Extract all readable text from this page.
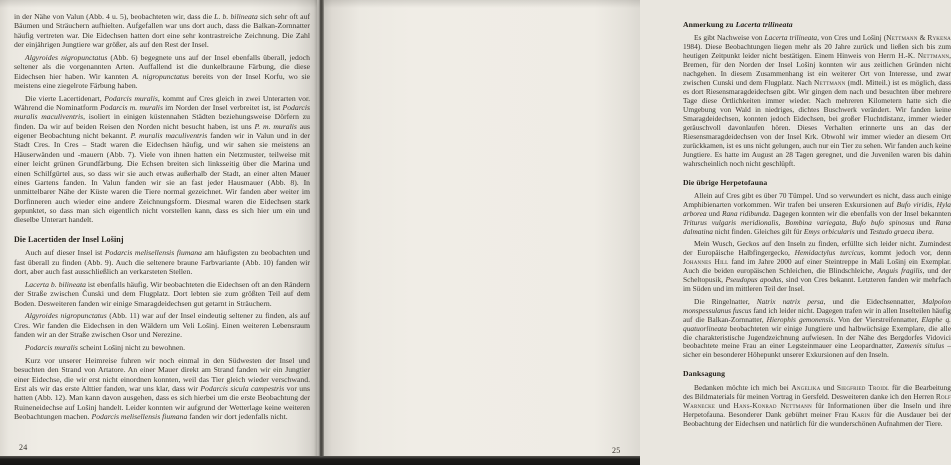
in der Nähe von Valun (Abb. 4 u. 5), beobachteten wir, dass die L. b. bilineata sich sehr oft auf Bäumen und Sträuchern aufhielten. Aufgefallen war uns dort auch, dass die Balkan-Zornnatter häufig vertreten war. Die Eidechsen hatten dort eine sehr kontrastreiche Zeichnung. Die Zahl der einjährigen Jungtiere war größer, als auf den Rest der Insel.

Algyroides nigropunctatus (Abb. 6) begegnete uns auf der Insel ebenfalls überall, jedoch seltener als die vorgenannten Arten. Auffallend ist die dunkelbraune Färbung, die diese Eidechsen hier haben. Wir kannten A. nigropunctatus bereits von der Insel Korfu, wo sie meistens eine ziegelrote Färbung haben.

Die vierte Lacertidenart, Podarcis muralis, kommt auf Cres gleich in zwei Unterarten vor. Während die Nominatform Podarcis m. muralis im Norden der Insel verbreitet ist, ist Podarcis muralis maculiventris, isoliert in einigen küstennahen Städten beziehungsweise Dörfern zu finden. Da wir auf beiden Reisen den Norden nicht besucht haben, ist uns P. m. muralis aus eigener Beobachtung nicht bekannt. P. muralis maculiventris fanden wir in Valun und in der Stadt Cres. In Cres – Stadt waren die Eidechsen häufig, und wir sahen sie meistens an Häuserwänden und -mauern (Abb. 7). Viele von ihnen hatten ein Netzmuster, teilweise mit einer leicht grünen Grundfärbung. Die Echsen breiten sich linksseitig über die Marina und einen Schilfgürtel aus, so dass wir sie auch etwas außerhalb der Stadt, an einer alten Mauer eines Gartens fanden. In Valun fanden wir sie an fast jeder Hausmauer (Abb. 8). In unmittelbarer Nähe der Küste waren die Tiere normal gezeichnet. Wir fanden aber weiter im Dorfinneren auch wieder eine andere Zeichnungsform. Diesmal waren die Eidechsen stark gepunktet, so dass man sich eigentlich nicht vorstellen kann, dass es sich hier um ein und dieselbe Unterart handelt.

Die Lacertiden der Insel Lošinj

Auch auf dieser Insel ist Podarcis melisellensis fiumana am häufigsten zu beobachten und fast überall zu finden (Abb. 9). Auch die seltenere braune Farbvariante (Abb. 10) fanden wir dort, aber auch fast ausschließlich an verkarsteten Stellen.

Lacerta b. bilineata ist ebenfalls häufig. Wir beobachteten die Eidechsen oft an den Rändern der Straße zwischen Čunski und dem Flugplatz. Dort lebten sie zum größten Teil auf dem Boden. Desweiteren fanden wir einige Smaragdeidechsen gut getarnt in Sträuchern.

Algyroides nigropunctatus (Abb. 11) war auf der Insel eindeutig seltener zu finden, als auf Cres. Wir fanden die Eidechsen in den Wäldern um Veli Lošinj. Einen weiteren Lebensraum fanden wir an der Straße zwischen Osor und Nerezine.

Podarcis muralis scheint Lošinj nicht zu bewohnen.

Kurz vor unserer Heimreise fuhren wir noch einmal in den Südwesten der Insel und besuchten den Strand von Artatore. An einer Mauer direkt am Strand fanden wir ein Jungtier einer Eidechse, die wir erst nicht einordnen konnten, weil das Tier gleich wieder verschwand. Erst als wir das erste Alttier fanden, war uns klar, dass wir Podarcis sicula campestris vor uns hatten (Abb. 12). Man kann davon ausgehen, dass es sich hierbei um die erste Beobachtung der Ruineneidechse auf Lošinj handelt. Leider konnten wir aufgrund der Wetterlage keine weiteren Beobachtungen machen. Podarcis melisellensis fiumana fanden wir dort jedenfalls nicht.

Anmerkung zu Lacerta trilineata

Es gibt Nachweise von Lacerta trilineata, von Cres und Lošinj (Nettmann & Rykena 1984). Diese Beobachtungen liegen mehr als 20 Jahre zurück und ließen sich bis zum heutigen Zeitpunkt leider nicht bestätigen. Einem Hinweis von Herrn H.-K. Nettmann, Bremen, für den Norden der Insel Lošinj konnten wir aus zeitlichen Gründen nicht nachgehen. In diesem Zusammenhang ist ein weiterer Ort von Interesse, und zwar zwischen Cunski und dem Flugplatz. Nach Nettmann (mdl. Mitteil.) ist es möglich, dass es dort Riesensmaragdeidechsen gibt. Wir gingen dem nach und besuchten über mehrere Tage diese Örtlichkeiten immer wieder. Nach mehreren Kilometern hatte sich die Umgebung von Wald in niedriges, dichtes Buschwerk verändert. Wir fanden keine Smaragdeidechsen, konnten jedoch Eidechsen, bei großer Fluchtdistanz, immer wieder geräuschvoll davonlaufen hören. Dieses Verhalten erinnerte uns an das der Riesensmaragdeidechsen von der Insel Krk. Obwohl wir immer wieder an diesem Ort zurückkamen, ist es uns nicht gelungen, auch nur ein Tier zu sehen. Wir fanden auch keine Jungtiere. Es hatte im August an 28 Tagen geregnet, und die Juvenilen waren bis dahin wahrscheinlich noch nicht geschlüpft.

Die übrige Herpetofauna

Allein auf Cres gibt es über 70 Tümpel. Und so verwundert es nicht, dass auch einige Amphibienarten vorkommen. Wir trafen bei unseren Exkursionen auf Bufo viridis, Hyla arborea und Rana ridibunda. Dagegen konnten wir die ebenfalls von der Insel bekannten Triturus vulgaris meridionalis, Bombina variegata, Bufo bufo spinosus und Rana dalmatina nicht finden. Gleiches gilt für Emys orbicularis und Testudo graeca ibera.

Mein Wusch, Geckos auf den Inseln zu finden, erfüllte sich leider nicht. Zumindest der Europäische Halbfingergecko, Hemidactylus turcicus, kommt jedoch vor, denn Johannes Hill fand im Jahre 2000 auf einer Steintreppe in Mali Lošinj ein Exemplar. Auch die beiden europäischen Schleichen, die Blindschleiche, Anguis fragilis, und der Scheltopusik, Pseudopus apodus, sind von Cres bekannt. Letzteren fanden wir mehrfach im Süden und im mittleren Teil der Insel.

Die Ringelnatter, Natrix natrix persa, und die Eidechsennatter, Malpolon monspessulanus fuscus fand ich leider nicht. Dagegen trafen wir in allen Inselteilen häufig auf die Balkan-Zornnatter, Hierophis gemonensis. Von der Vierstreifennatter, Elaphe q. quatuorlineata beobachteten wir einige Jungtiere und halbwüchsige Exemplare, die alle die charakteristische Jugendzeichnung aufwiesen. In der Nähe des Bergdorfes Vidovici beobachtete meine Frau an einer Legsteinmauer eine Leopardnatter, Zamenis situlus – sicher ein besonderer Höhepunkt unserer Exkursionen auf den Inseln.

Danksagung

Bedanken möchte ich mich bei Angelika und Siegfried Troidl für die Bearbeitung des Bildmaterials für meinen Vortrag in Gersfeld. Desweiteren danke ich den Herren Rolf Warnecke und Hans-Konrad Nettmann für Informationen über die Inseln und ihre Herpetofauna. Besonderer Dank gebührt meiner Frau Karin für die Ausdauer bei der Beobachtung der Eidechsen und natürlich für die wunderschönen Aufnahmen der Tiere.

24	25
